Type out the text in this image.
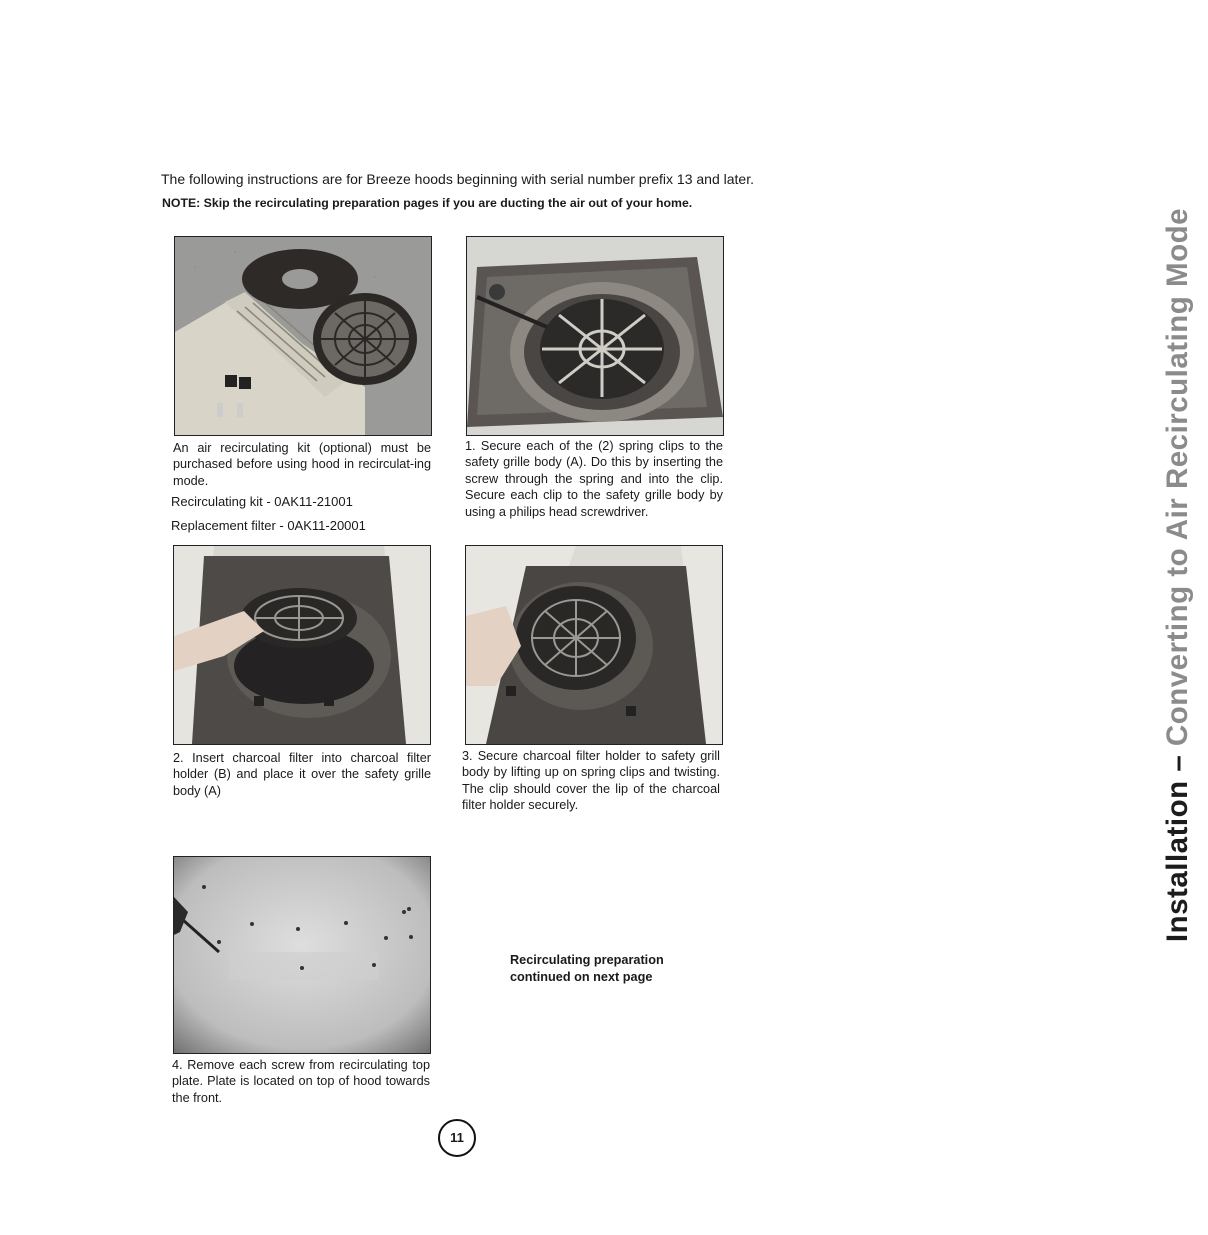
The following instructions are for Breeze hoods beginning with serial number prefix 13 and later.
NOTE: Skip the recirculating preparation pages if you are ducting the air out of your home.
An air recirculating kit (optional) must be purchased before using hood in recirculat-ing mode.
Recirculating kit - 0AK11-21001
Replacement filter - 0AK11-20001
1. Secure each of the (2) spring clips to the safety grille body (A). Do this by inserting the screw through the spring and into the clip. Secure each clip to the safety grille body by using a philips head screwdriver.
2. Insert charcoal filter into charcoal filter holder (B) and place it over the safety grille body (A)
3. Secure charcoal filter holder to safety grill body by lifting up on spring clips and twisting. The clip should cover the lip of the charcoal filter holder securely.
4. Remove each screw from recirculating top plate. Plate is located on top of hood towards the front.
Recirculating preparation
continued on next page
Installation – Converting to Air Recirculating Mode
11
